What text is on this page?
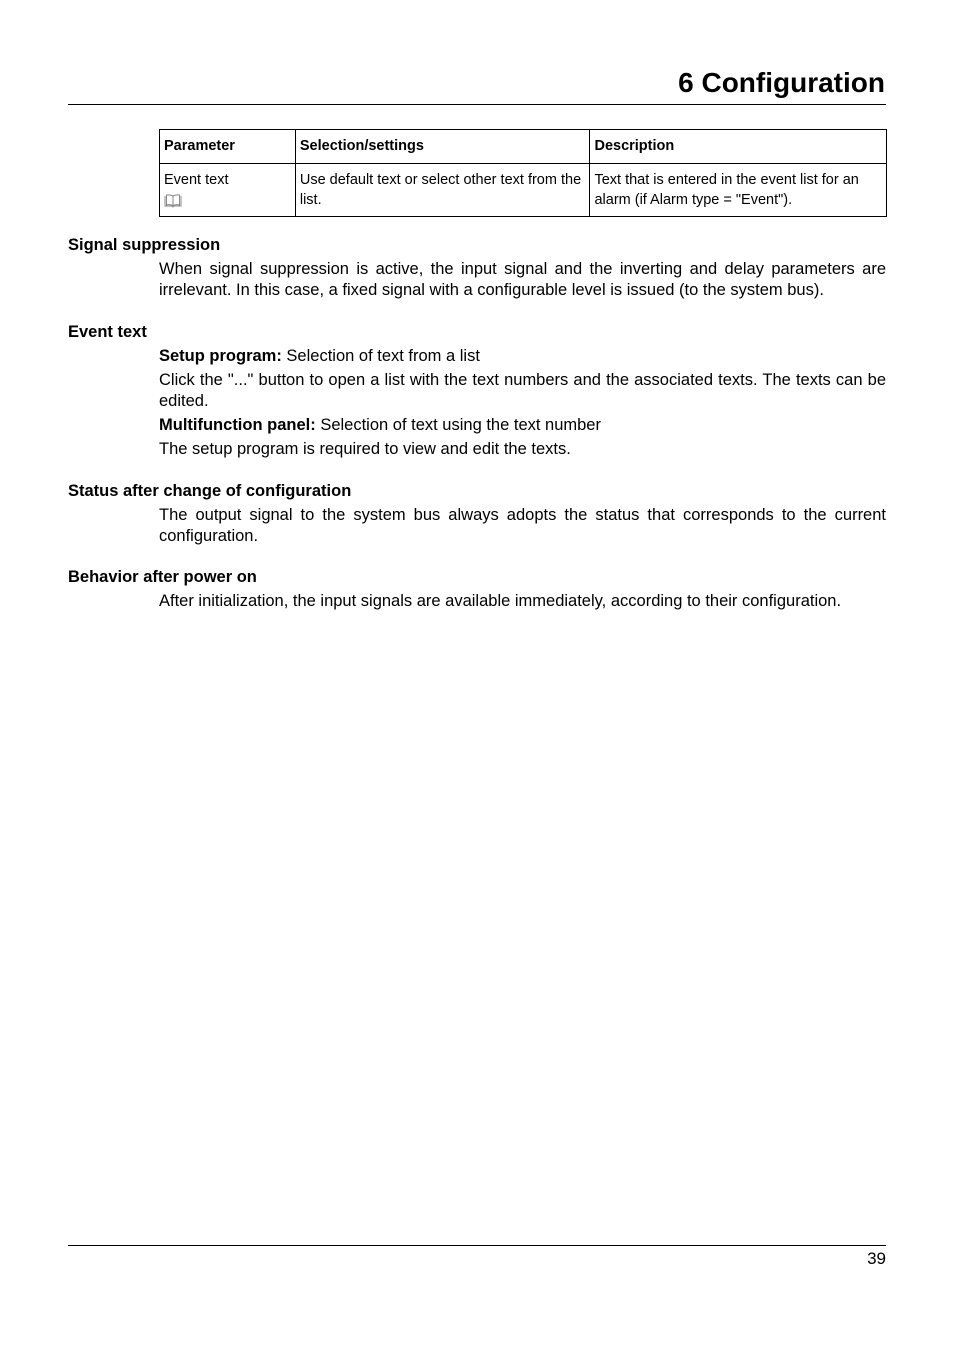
6 Configuration
Parameter	Selection/settings	Description
Event text	Use default text or select other text from the list.	Text that is entered in the event list for an alarm (if Alarm type = "Event").
Signal suppression

When signal suppression is active, the input signal and the inverting and delay parameters are irrelevant. In this case, a fixed signal with a configurable level is issued (to the system bus).

Event text

Setup program: Selection of text from a list

Click the "..." button to open a list with the text numbers and the associated texts. The texts can be edited.

Multifunction panel: Selection of text using the text number

The setup program is required to view and edit the texts.

Status after change of configuration

The output signal to the system bus always adopts the status that corresponds to the current configuration.

Behavior after power on

After initialization, the input signals are available immediately, according to their configuration.

39
